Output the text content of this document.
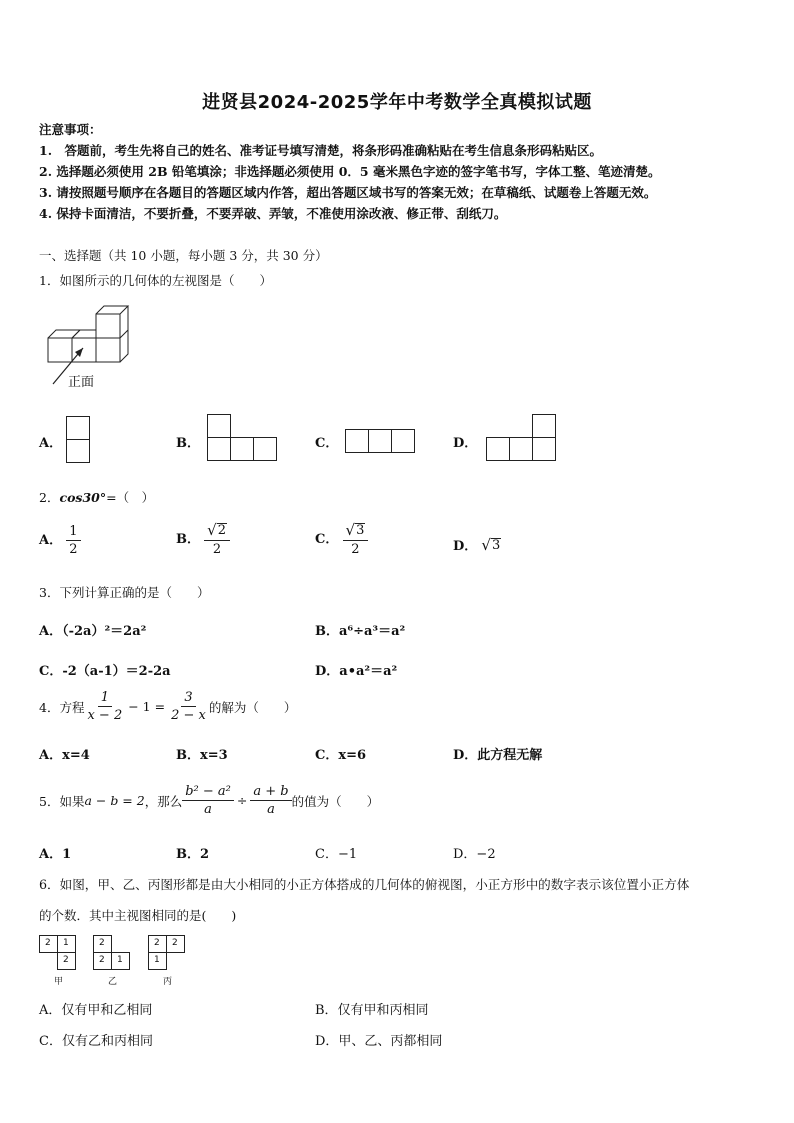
进贤县2024-2025学年中考数学全真模拟试题
注意事项：
1.　答题前，考生先将自己的姓名、准考证号填写清楚，将条形码准确粘贴在考生信息条形码粘贴区。
2. 选择题必须使用 2B 铅笔填涂；非选择题必须使用 0．5 毫米黑色字迹的签字笔书写，字体工整、笔迹清楚。
3. 请按照题号顺序在各题目的答题区域内作答，超出答题区域书写的答案无效；在草稿纸、试题卷上答题无效。
4. 保持卡面清洁，不要折叠，不要弄破、弄皱，不准使用涂改液、修正带、刮纸刀。
一、选择题（共 10 小题，每小题 3 分，共 30 分）
1．如图所示的几何体的左视图是（　　）
正面
A．	B．	C．	D．
2．cos30°=（　）
A． $\frac{1}{2}$	B． $\frac{√ 2}{2}$	C． $\frac{√ 3}{2}$	D． √ 3
3．下列计算正确的是（　　）
A．（-2a）²＝2a²	B．a⁶÷a³＝a²
C．-2（a-1）＝2-2a	D．a•a²＝a²
4．方程 $\frac{1}{x - 2} - 1 = \frac{3}{2 - x}$ 的解为（　　）
A．x=4	B．x=3	C．x=6	D．此方程无解
5．如果 a − b = 2 ，那么 $\frac{\text{b² − a²}}{a} \div \frac{a + b}{a}$ 的值为（　　）
A．1	B．2	C．−1	D．−2
6．如图，甲、乙、丙图形都是由大小相同的小正方体搭成的几何体的俯视图，小正方形中的数字表示该位置小正方体
的个数．其中主视图相同的是(　　)
2 1
2
甲
2
2 1
乙
2 2
1
丙
A．仅有甲和乙相同	B．仅有甲和丙相同
C．仅有乙和丙相同	D．甲、乙、丙都相同
